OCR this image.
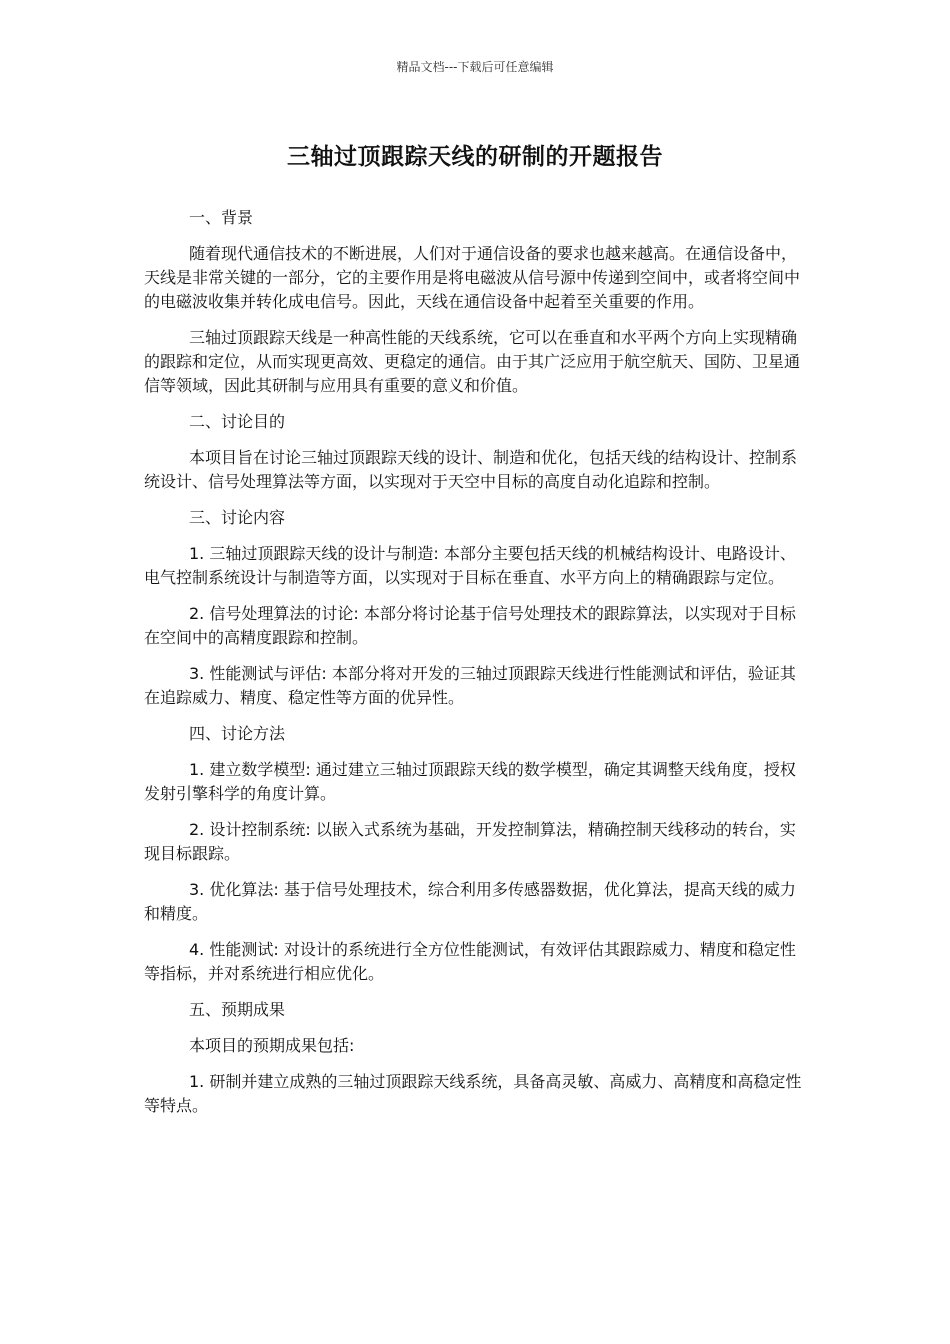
精品文档---下载后可任意编辑
三轴过顶跟踪天线的研制的开题报告

一、背景

随着现代通信技术的不断进展，人们对于通信设备的要求也越来越高。在通信设备中，天线是非常关键的一部分，它的主要作用是将电磁波从信号源中传递到空间中，或者将空间中的电磁波收集并转化成电信号。因此，天线在通信设备中起着至关重要的作用。

三轴过顶跟踪天线是一种高性能的天线系统，它可以在垂直和水平两个方向上实现精确的跟踪和定位，从而实现更高效、更稳定的通信。由于其广泛应用于航空航天、国防、卫星通信等领域，因此其研制与应用具有重要的意义和价值。

二、讨论目的

本项目旨在讨论三轴过顶跟踪天线的设计、制造和优化，包括天线的结构设计、控制系统设计、信号处理算法等方面，以实现对于天空中目标的高度自动化追踪和控制。

三、讨论内容

1. 三轴过顶跟踪天线的设计与制造: 本部分主要包括天线的机械结构设计、电路设计、电气控制系统设计与制造等方面，以实现对于目标在垂直、水平方向上的精确跟踪与定位。

2. 信号处理算法的讨论: 本部分将讨论基于信号处理技术的跟踪算法，以实现对于目标在空间中的高精度跟踪和控制。

3. 性能测试与评估: 本部分将对开发的三轴过顶跟踪天线进行性能测试和评估，验证其在追踪威力、精度、稳定性等方面的优异性。

四、讨论方法

1. 建立数学模型: 通过建立三轴过顶跟踪天线的数学模型，确定其调整天线角度，授权发射引擎科学的角度计算。

2. 设计控制系统: 以嵌入式系统为基础，开发控制算法，精确控制天线移动的转台，实现目标跟踪。

3. 优化算法: 基于信号处理技术，综合利用多传感器数据，优化算法，提高天线的威力和精度。

4. 性能测试: 对设计的系统进行全方位性能测试，有效评估其跟踪威力、精度和稳定性等指标，并对系统进行相应优化。

五、预期成果

本项目的预期成果包括:

1. 研制并建立成熟的三轴过顶跟踪天线系统，具备高灵敏、高威力、高精度和高稳定性等特点。
